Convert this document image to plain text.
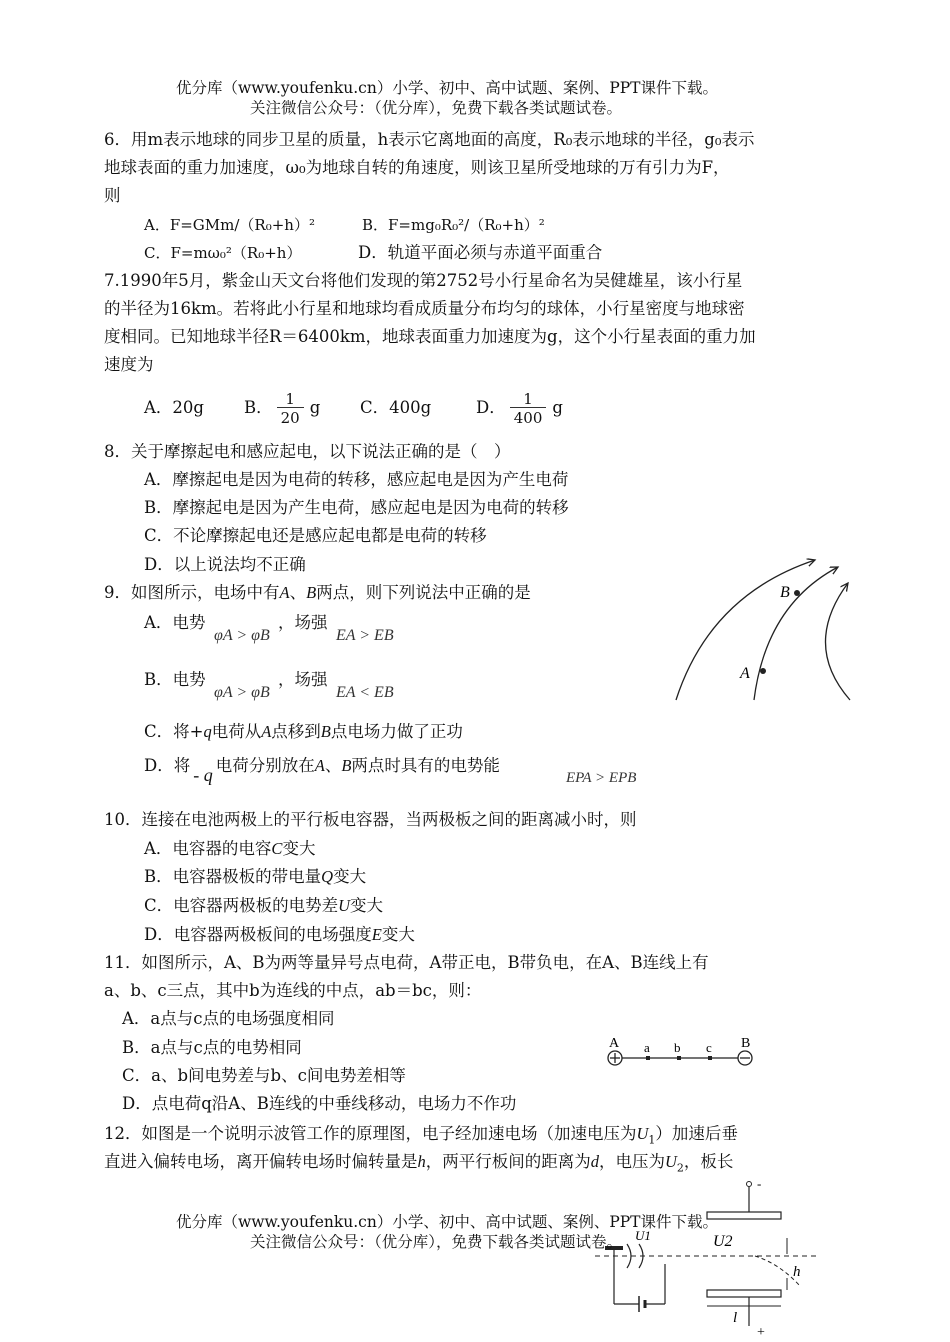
优分库（www.youfenku.cn）小学、初中、高中试题、案例、PPT课件下载。
关注微信公众号：（优分库），免费下载各类试题试卷。
6．用m表示地球的同步卫星的质量，h表示它离地面的高度，R₀表示地球的半径，g₀表示
地球表面的重力加速度，ω₀为地球自转的角速度，则该卫星所受地球的万有引力为F，
则
A．F=GMm/（R₀+h）²	B．F=mg₀R₀²/（R₀+h）²
C．F=mω₀²（R₀+h）	D．轨道平面必须与赤道平面重合
7.1990年5月，紫金山天文台将他们发现的第2752号小行星命名为吴健雄星，该小行星
的半径为16km。若将此小行星和地球均看成质量分布均匀的球体，小行星密度与地球密
度相同。已知地球半径R＝6400km，地球表面重力加速度为g，这个小行星表面的重力加
速度为
A．20g B． $\frac{1}{20}$ g C．400g	D． $\frac{1}{400}$ g
8．关于摩擦起电和感应起电，以下说法正确的是（　）
A．摩擦起电是因为电荷的转移，感应起电是因为产生电荷
B．摩擦起电是因为产生电荷，感应起电是因为电荷的转移
C．不论摩擦起电还是感应起电都是电荷的转移
D．以上说法均不正确
9．如图所示，电场中有A、B两点，则下列说法中正确的是
A．电势
φA > φB
，场强
EA > EB
B．电势
φA > φB
，场强
EA < EB
C．将+q电荷从A点移到B点电场力做了正功
D．将 - q 电荷分别放在A、B两点时具有的电势能
EPA > EPB
A
B
10．连接在电池两极上的平行板电容器，当两极板之间的距离减小时，则
A．电容器的电容C变大
B．电容器极板的带电量Q变大
C．电容器两极板的电势差U变大
D．电容器两极板间的电场强度E变大
11．如图所示，A、B为两等量异号点电荷，A带正电，B带负电，在A、B连线上有
a、b、c三点，其中b为连线的中点，ab＝bc，则：
A．a点与c点的电场强度相同
B．a点与c点的电势相同
C．a、b间电势差与b、c间电势差相等
D．点电荷q沿A、B连线的中垂线移动，电场力不作功
A a b c B
12．如图是一个说明示波管工作的原理图，电子经加速电场（加速电压为$U_1$）加速后垂
直进入偏转电场，离开偏转电场时偏转量是h，两平行板间的距离为d，电压为$U_2$，板长
-
U2
h
l
+
U1
优分库（www.youfenku.cn）小学、初中、高中试题、案例、PPT课件下载。
关注微信公众号：（优分库），免费下载各类试题试卷。
